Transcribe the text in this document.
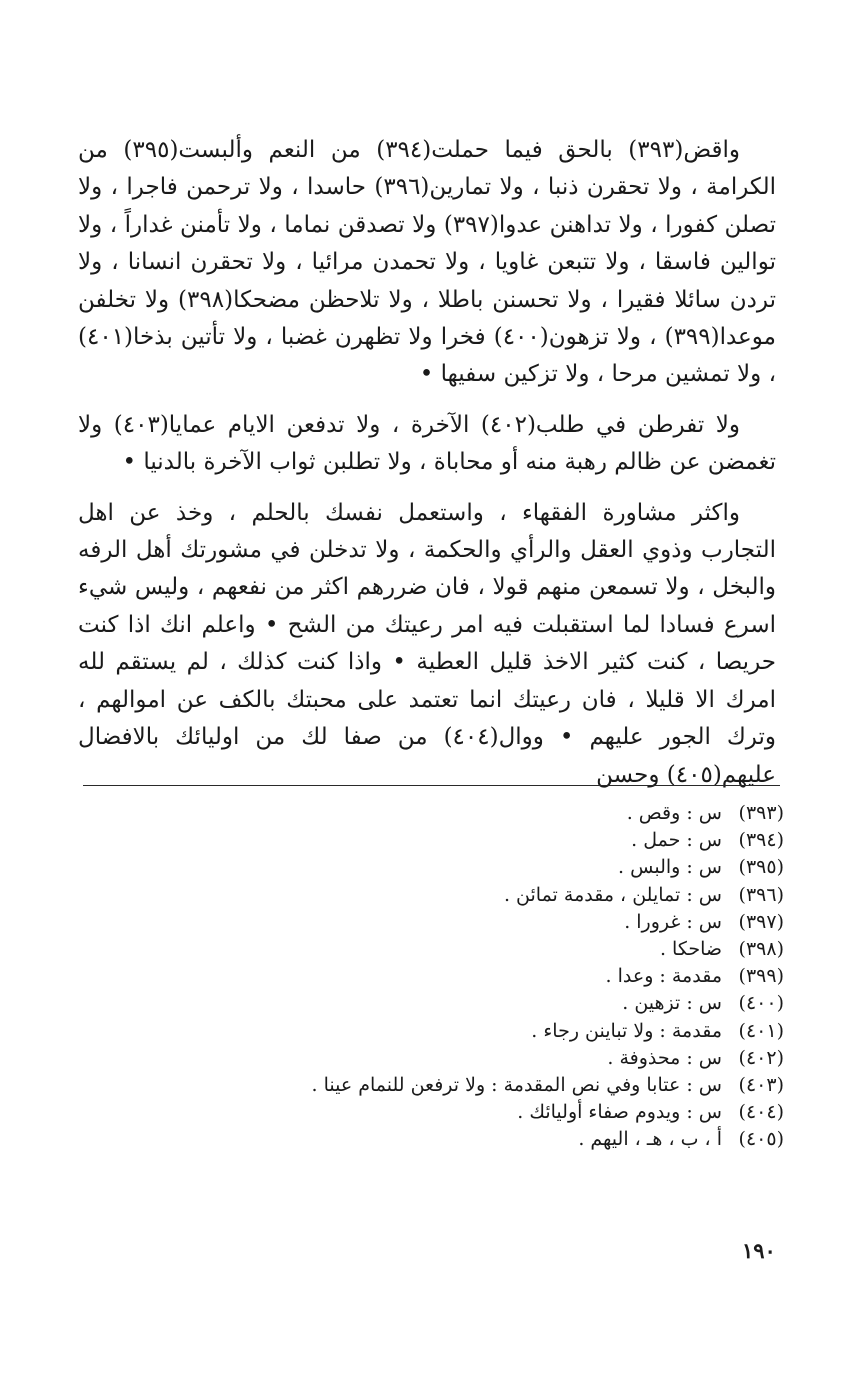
واقض(٣٩٣) بالحق فيما حملت(٣٩٤) من النعم وألبست(٣٩٥) من الكرامة ، ولا تحقرن ذنبا ، ولا تمارين(٣٩٦) حاسدا ، ولا ترحمن فاجرا ، ولا تصلن كفورا ، ولا تداهنن عدوا(٣٩٧) ولا تصدقن نماما ، ولا تأمنن غداراً ، ولا توالين فاسقا ، ولا تتبعن غاويا ، ولا تحمدن مرائيا ، ولا تحقرن انسانا ، ولا تردن سائلا فقيرا ، ولا تحسنن باطلا ، ولا تلاحظن مضحكا(٣٩٨) ولا تخلفن موعدا(٣٩٩) ، ولا تزهون(٤٠٠) فخرا ولا تظهرن غضبا ، ولا تأتين بذخا(٤٠١) ، ولا تمشين مرحا ، ولا تزكين سفيها •

ولا تفرطن في طلب(٤٠٢) الآخرة ، ولا تدفعن الايام عمايا(٤٠٣) ولا تغمضن عن ظالم رهبة منه أو محاباة ، ولا تطلبن ثواب الآخرة بالدنيا •

واكثر مشاورة الفقهاء ، واستعمل نفسك بالحلم ، وخذ عن اهل التجارب وذوي العقل والرأي والحكمة ، ولا تدخلن في مشورتك أهل الرفه والبخل ، ولا تسمعن منهم قولا ، فان ضررهم اكثر من نفعهم ، وليس شيء اسرع فسادا لما استقبلت فيه امر رعيتك من الشح • واعلم انك اذا كنت حريصا ، كنت كثير الاخذ قليل العطية • واذا كنت كذلك ، لم يستقم لله امرك الا قليلا ، فان رعيتك انما تعتمد على محبتك بالكف عن اموالهم ، وترك الجور عليهم • ووال(٤٠٤) من صفا لك من اوليائك بالافضال عليهم(٤٠٥) وحسن

(٣٩٣)
س : وقص .
(٣٩٤)
س : حمل .
(٣٩٥)
س : والبس .
(٣٩٦)
س : تمايلن ، مقدمة تمائن .
(٣٩٧)
س : غرورا .
(٣٩٨)
ضاحكا .
(٣٩٩)
مقدمة : وعدا .
(٤٠٠)
س : تزهين .
(٤٠١)
مقدمة : ولا تباينن رجاء .
(٤٠٢)
س : محذوفة .
(٤٠٣)
س : عتابا وفي نص المقدمة : ولا ترفعن للنمام عينا .
(٤٠٤)
س : ويدوم صفاء أوليائك .
(٤٠٥)
أ ، ب ، هـ ، اليهم .
١٩٠
